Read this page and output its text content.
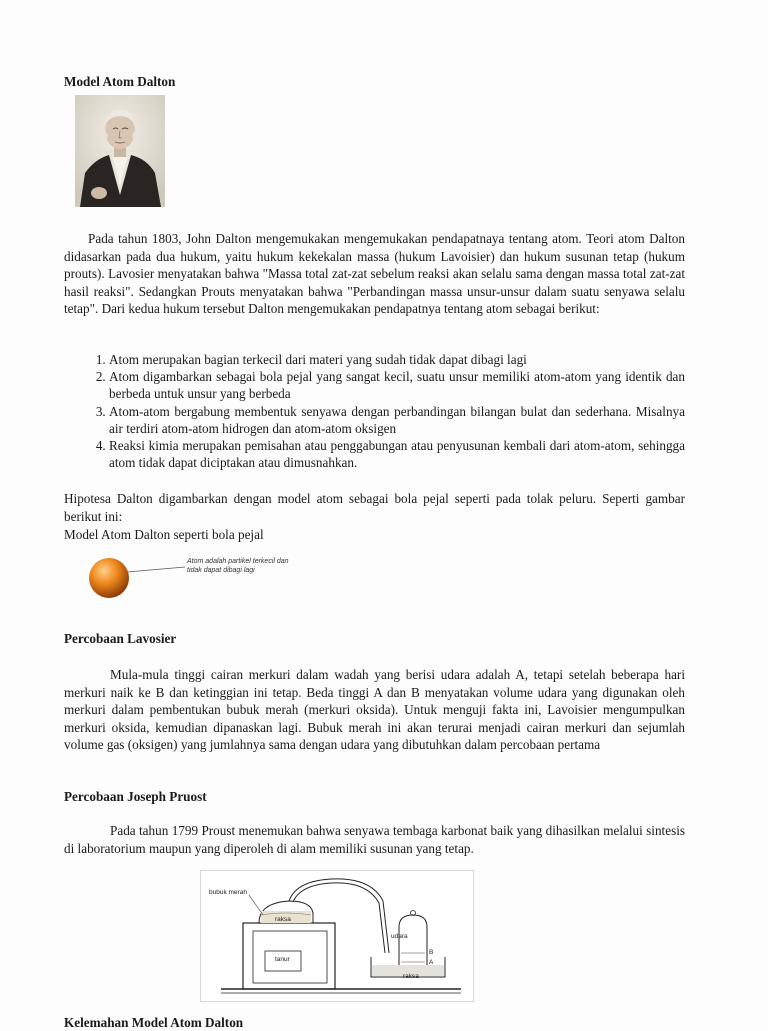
Model Atom Dalton

Pada tahun 1803, John Dalton mengemukakan mengemukakan pendapatnaya tentang atom. Teori atom Dalton didasarkan pada dua hukum, yaitu hukum kekekalan massa (hukum Lavoisier) dan hukum susunan tetap (hukum prouts). Lavosier menyatakan bahwa "Massa total zat-zat sebelum reaksi akan selalu sama dengan massa total zat-zat hasil reaksi". Sedangkan Prouts menyatakan bahwa "Perbandingan massa unsur-unsur dalam suatu senyawa selalu tetap". Dari kedua hukum tersebut Dalton mengemukakan pendapatnya tentang atom sebagai berikut:

1. Atom merupakan bagian terkecil dari materi yang sudah tidak dapat dibagi lagi
2. Atom digambarkan sebagai bola pejal yang sangat kecil, suatu unsur memiliki atom-atom yang identik dan berbeda untuk unsur yang berbeda
3. Atom-atom bergabung membentuk senyawa dengan perbandingan bilangan bulat dan sederhana. Misalnya air terdiri atom-atom hidrogen dan atom-atom oksigen
4. Reaksi kimia merupakan pemisahan atau penggabungan atau penyusunan kembali dari atom-atom, sehingga atom tidak dapat diciptakan atau dimusnahkan.

Hipotesa Dalton digambarkan dengan model atom sebagai bola pejal seperti pada tolak peluru. Seperti gambar berikut ini:

Model Atom Dalton seperti bola pejal
Atom adalah partikel terkecil dan tidak dapat dibagi lagi
Percobaan Lavosier

Mula-mula tinggi cairan merkuri dalam wadah yang berisi udara adalah A, tetapi setelah beberapa hari merkuri naik ke B dan ketinggian ini tetap. Beda tinggi A dan B menyatakan volume udara yang digunakan oleh merkuri dalam pembentukan bubuk merah (merkuri oksida). Untuk menguji fakta ini, Lavoisier mengumpulkan merkuri oksida, kemudian dipanaskan lagi. Bubuk merah ini akan terurai menjadi cairan merkuri dan sejumlah volume gas (oksigen) yang jumlahnya sama dengan udara yang dibutuhkan dalam percobaan pertama

Percobaan Joseph Pruost

Pada tahun 1799 Proust menemukan bahwa senyawa tembaga karbonat baik yang dihasilkan melalui sintesis di laboratorium maupun yang diperoleh di alam memiliki susunan yang tetap.

bubuk merah
raksa
tanur
udara
raksa
B
A
Kelemahan Model Atom Dalton
